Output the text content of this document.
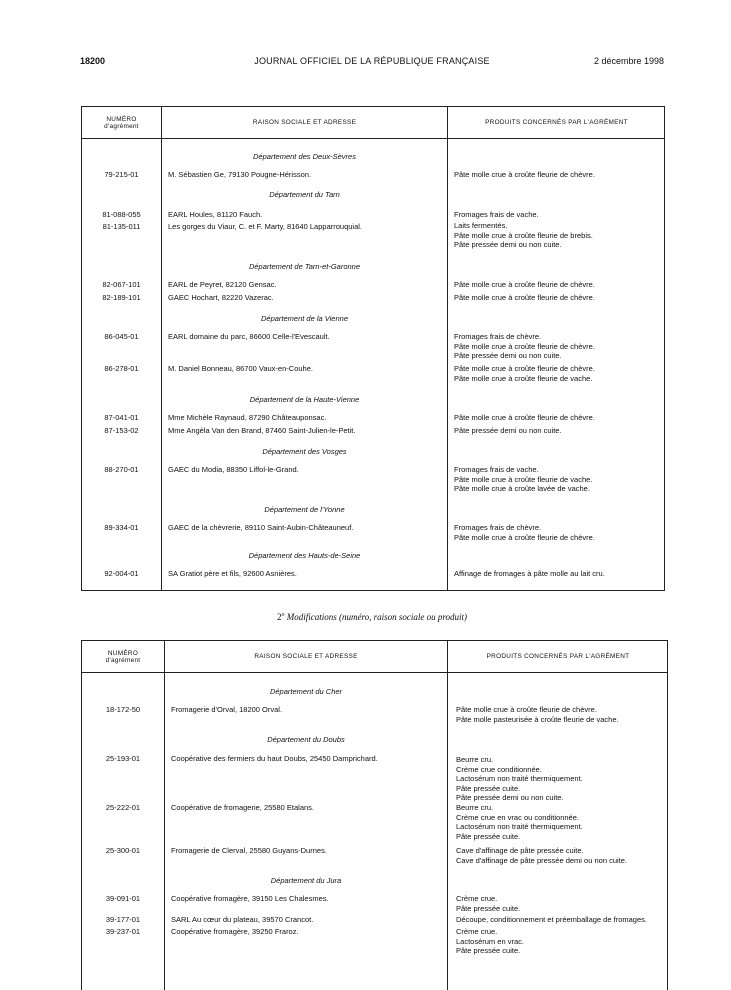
18200	JOURNAL OFFICIEL DE LA RÉPUBLIQUE FRANÇAISE	2 décembre 1998
NUMÉRO
d'agrément
RAISON SOCIALE ET ADRESSE	PRODUITS CONCERNÉS PAR L'AGRÉMENT
Département des Deux-Sèvres
79-215-01	M. Sébastien Ge, 79130 Pougne-Hérisson.	Pâte molle crue à croûte fleurie de chèvre.
Département du Tarn
81-088-055	EARL Houles, 81120 Fauch.	Fromages frais de vache.
81-135-011	Les gorges du Viaur, C. et F. Marty, 81640 Lapparrouquial.	Laits fermentés.
Pâte molle crue à croûte fleurie de brebis.
Pâte pressée demi ou non cuite.
Département de Tarn-et-Garonne
82-067-101	EARL de Peyret, 82120 Gensac.	Pâte molle crue à croûte fleurie de chèvre.
82-189-101	GAEC Hochart, 82220 Vazerac.	Pâte molle crue à croûte fleurie de chèvre.
Département de la Vienne
86-045-01	EARL domaine du parc, 86600 Celle-l'Evescault.	Fromages frais de chèvre.
Pâte molle crue à croûte fleurie de chèvre.
Pâte pressée demi ou non cuite.
86-278-01	M. Daniel Bonneau, 86700 Vaux-en-Couhe.	Pâte molle crue à croûte fleurie de chèvre.
Pâte molle crue à croûte fleurie de vache.
Département de la Haute-Vienne
87-041-01	Mme Michèle Raynaud, 87290 Châteauponsac.	Pâte molle crue à croûte fleurie de chèvre.
87-153-02	Mme Angèla Van den Brand, 87460 Saint-Julien-le-Petit.	Pâte pressée demi ou non cuite.
Département des Vosges
88-270-01	GAEC du Modia, 88350 Liffol-le-Grand.	Fromages frais de vache.
Pâte molle crue à croûte fleurie de vache.
Pâte molle crue à croûte lavée de vache.
Département de l'Yonne
89-334-01	GAEC de la chèvrerie, 89110 Saint-Aubin-Châteauneuf.	Fromages frais de chèvre.
Pâte molle crue à croûte fleurie de chèvre.
Département des Hauts-de-Seine
92-004-01	SA Gratiot père et fils, 92600 Asnières.	Affinage de fromages à pâte molle au lait cru.
2$^o$ Modifications (numéro, raison sociale ou produit)
NUMÉRO
d'agrément
RAISON SOCIALE ET ADRESSE	PRODUITS CONCERNÉS PAR L'AGRÉMENT
Département du Cher
18-172-50	Fromagerie d'Orval, 18200 Orval.	Pâte molle crue à croûte fleurie de chèvre.
Pâte molle pasteurisée à croûte fleurie de vache.
Département du Doubs
25-193-01	Coopérative des fermiers du haut Doubs, 25450 Damprichard.	Beurre cru.
Crème crue conditionnée.
Lactosérum non traité thermiquement.
Pâte pressée cuite.
Pâte pressée demi ou non cuite.
25-222-01	Coopérative de fromagerie, 25580 Etalans.	Beurre cru.
Crème crue en vrac ou conditionnée.
Lactosérum non traité thermiquement.
Pâte pressée cuite.
25-300-01	Fromagerie de Clerval, 25580 Guyans-Durnes.	Cave d'affinage de pâte pressée cuite.
Cave d'affinage de pâte pressée demi ou non cuite.
Département du Jura
39-091-01	Coopérative fromagère, 39150 Les Chalesmes.	Crème crue.
Pâte pressée cuite.
39-177-01	SARL Au cœur du plateau, 39570 Crancot.	Découpe, conditionnement et préemballage de fromages.
39-237-01	Coopérative fromagère, 39250 Fraroz.	Crème crue.
Lactosérum en vrac.
Pâte pressée cuite.
